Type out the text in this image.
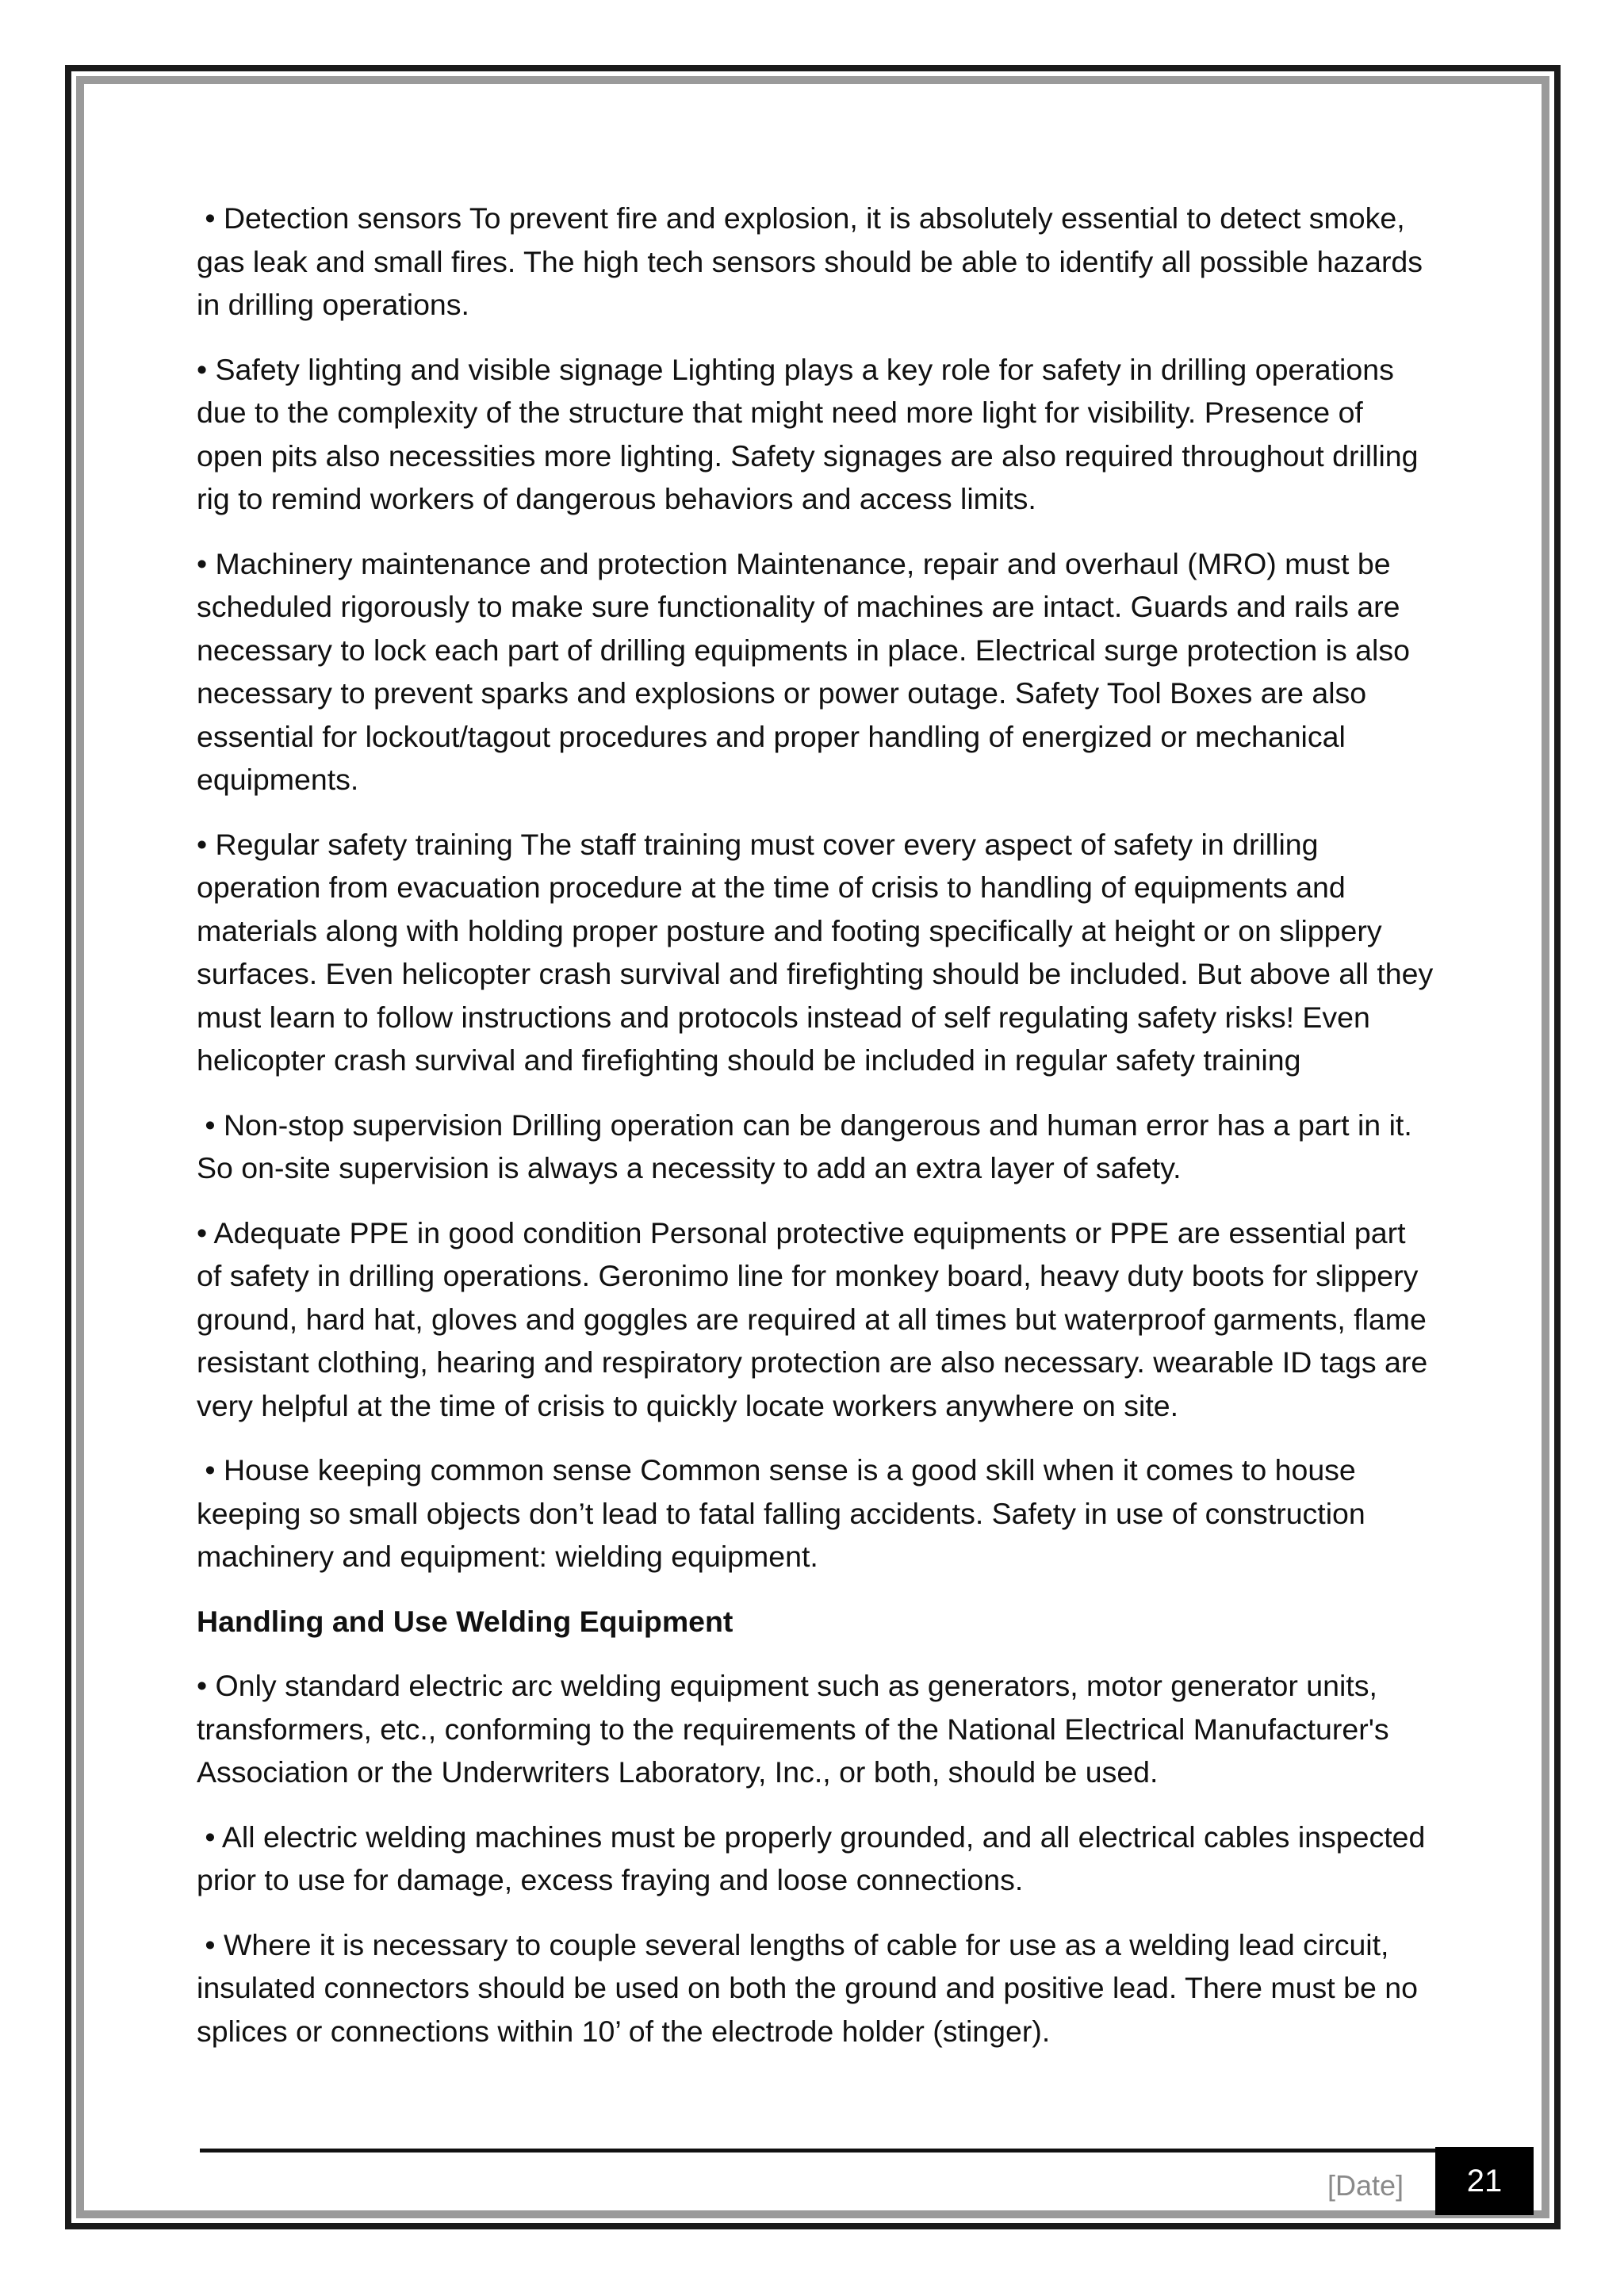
• Detection sensors To prevent fire and explosion, it is absolutely essential to detect smoke, gas leak and small fires. The high tech sensors should be able to identify all possible hazards in drilling operations.

• Safety lighting and visible signage Lighting plays a key role for safety in drilling operations due to the complexity of the structure that might need more light for visibility. Presence of open pits also necessities more lighting. Safety signages are also required throughout drilling rig to remind workers of dangerous behaviors and access limits.

• Machinery maintenance and protection Maintenance, repair and overhaul (MRO) must be scheduled rigorously to make sure functionality of machines are intact. Guards and rails are necessary to lock each part of drilling equipments in place. Electrical surge protection is also necessary to prevent sparks and explosions or power outage. Safety Tool Boxes are also essential for lockout/tagout procedures and proper handling of energized or mechanical equipments.

• Regular safety training The staff training must cover every aspect of safety in drilling operation from evacuation procedure at the time of crisis to handling of equipments and materials along with holding proper posture and footing specifically at height or on slippery surfaces. Even helicopter crash survival and firefighting should be included. But above all they must learn to follow instructions and protocols instead of self regulating safety risks! Even helicopter crash survival and firefighting should be included in regular safety training

• Non-stop supervision Drilling operation can be dangerous and human error has a part in it. So on-site supervision is always a necessity to add an extra layer of safety.

• Adequate PPE in good condition Personal protective equipments or PPE are essential part of safety in drilling operations. Geronimo line for monkey board, heavy duty boots for slippery ground, hard hat, gloves and goggles are required at all times but waterproof garments, flame resistant clothing, hearing and respiratory protection are also necessary. wearable ID tags are very helpful at the time of crisis to quickly locate workers anywhere on site.

• House keeping common sense Common sense is a good skill when it comes to house keeping so small objects don’t lead to fatal falling accidents. Safety in use of construction machinery and equipment: wielding equipment.

Handling and Use Welding Equipment

• Only standard electric arc welding equipment such as generators, motor generator units, transformers, etc., conforming to the requirements of the National Electrical Manufacturer's Association or the Underwriters Laboratory, Inc., or both, should be used.

• All electric welding machines must be properly grounded, and all electrical cables inspected prior to use for damage, excess fraying and loose connections.

• Where it is necessary to couple several lengths of cable for use as a welding lead circuit, insulated connectors should be used on both the ground and positive lead. There must be no splices or connections within 10’ of the electrode holder (stinger).

[Date] 21
